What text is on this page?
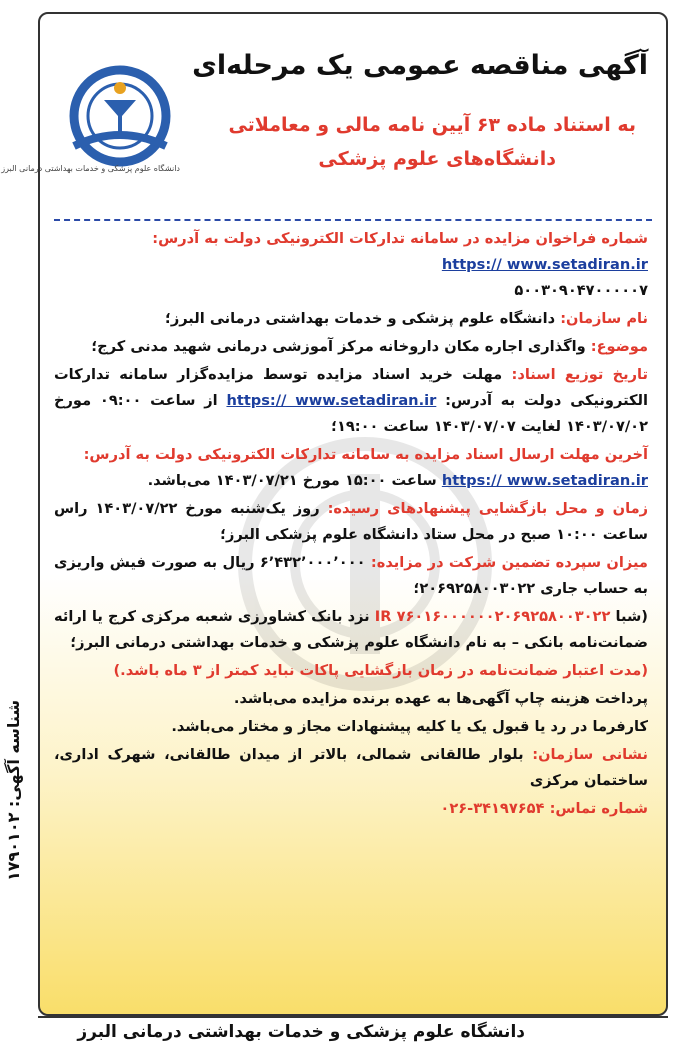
دانشگاه علوم پزشکی و خدمات بهداشتی درمانی البرز
آگهی مناقصه عمومی یک مرحله‌ای
به استناد ماده ۶۳ آیین نامه مالی و معاملاتی
دانشگاه‌های علوم پزشکی

شماره فراخوان مزایده در سامانه تدارکات الکترونیکی دولت به آدرس:
https:// www.setadiran.ir
۵۰۰۳۰۹۰۴۷۰۰۰۰۰۷

نام سازمان: دانشگاه علوم پزشکی و خدمات بهداشتی درمانی البرز؛

موضوع: واگذاری اجاره مکان داروخانه مرکز آموزشی درمانی شهید مدنی کرج؛

تاریخ توزیع اسناد: مهلت خرید اسناد مزایده توسط مزایده‌گزار سامانه تدارکات الکترونیکی دولت به آدرس: https:// www.setadiran.ir از ساعت ۰۹:۰۰ مورخ ۱۴۰۳/۰۷/۰۲ لغایت ۱۴۰۳/۰۷/۰۷ ساعت ۱۹:۰۰؛

آخرین مهلت ارسال اسناد مزایده به سامانه تدارکات الکترونیکی دولت به آدرس:
https:// www.setadiran.ir ساعت ۱۵:۰۰ مورخ ۱۴۰۳/۰۷/۲۱ می‌باشد.

زمان و محل بازگشایی پیشنهادهای رسیده: روز یک‌شنبه مورخ ۱۴۰۳/۰۷/۲۲ راس ساعت ۱۰:۰۰ صبح در محل ستاد دانشگاه علوم پزشکی البرز؛

میزان سپرده تضمین شرکت در مزایده: ۶٬۴۳۲٬۰۰۰٬۰۰۰ ریال به صورت فیش واریزی به حساب جاری ۲۰۶۹۲۵۸۰۰۳۰۲۲؛

(شبا IR ۷۶۰۱۶۰۰۰۰۰۰۲۰۶۹۲۵۸۰۰۳۰۲۲ نزد بانک کشاورزی شعبه مرکزی کرج یا ارائه ضمانت‌نامه بانکی – به نام دانشگاه علوم پزشکی و خدمات بهداشتی درمانی البرز؛

(مدت اعتبار ضمانت‌نامه در زمان بازگشایی پاکات نباید کمتر از ۳ ماه باشد.)

پرداخت هزینه چاپ آگهی‌ها به عهده برنده مزایده می‌باشد.

کارفرما در رد یا قبول یک یا کلیه پیشنهادات مجاز و مختار می‌باشد.

نشانی سازمان: بلوار طالقانی شمالی، بالاتر از میدان طالقانی، شهرک اداری، ساختمان مرکزی

شماره تماس: ۰۲۶-۳۴۱۹۷۶۵۴

شناسه آگهی: ۱۷۹۰۱۰۲
دانشگاه علوم پزشکی و خدمات بهداشتی درمانی البرز
